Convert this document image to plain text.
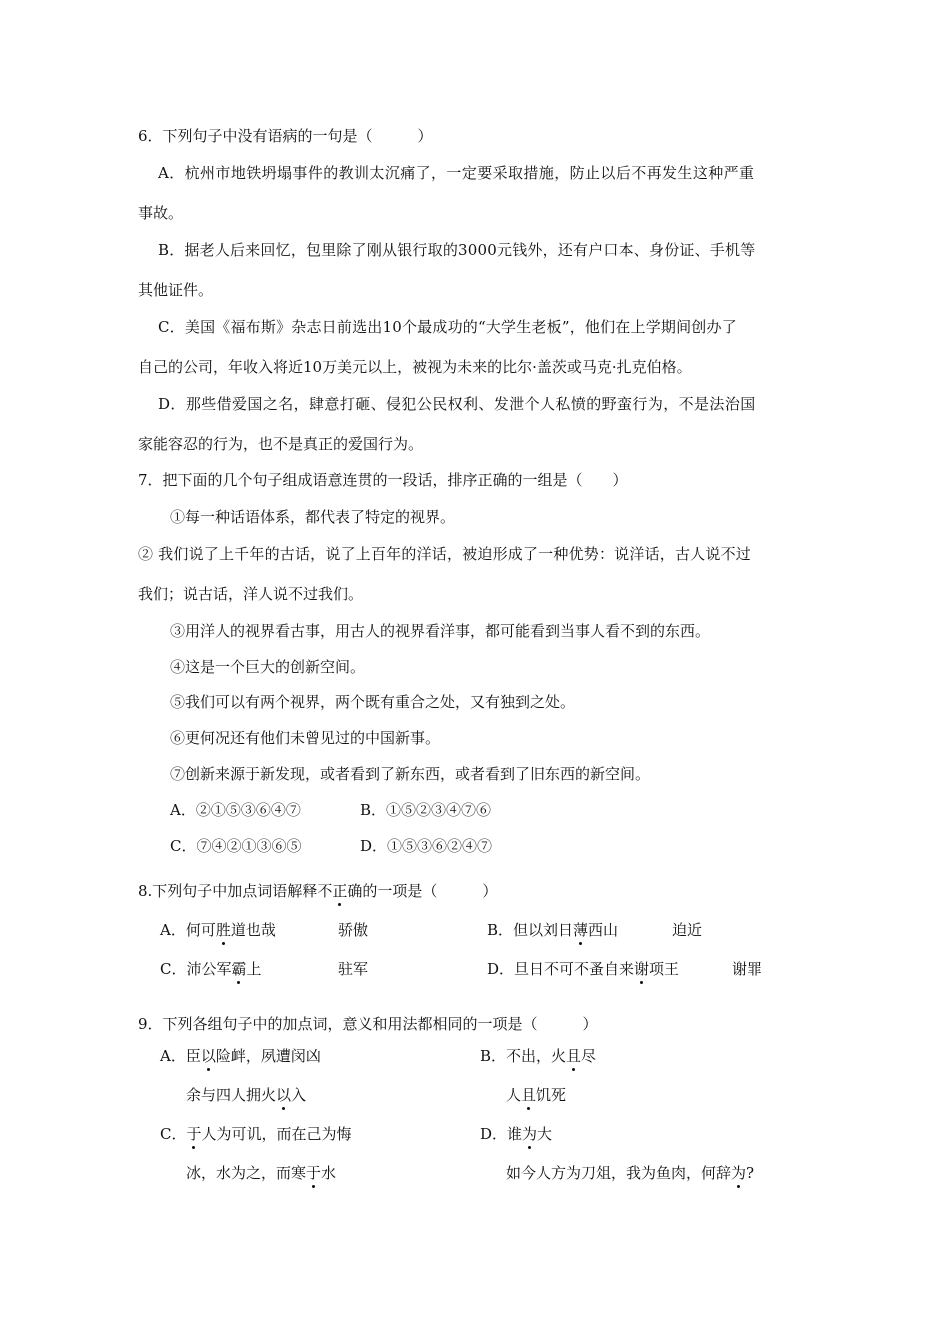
6．下列句子中没有语病的一句是（　　　）
A．杭州市地铁坍塌事件的教训太沉痛了，一定要采取措施，防止以后不再发生这种严重
事故。
B．据老人后来回忆，包里除了刚从银行取的3000元钱外，还有户口本、身份证、手机等
其他证件。
C．美国《福布斯》杂志日前选出10个最成功的“大学生老板”，他们在上学期间创办了
自己的公司，年收入将近10万美元以上，被视为未来的比尔·盖茨或马克·扎克伯格。
D．那些借爱国之名，肆意打砸、侵犯公民权利、发泄个人私愤的野蛮行为，不是法治国
家能容忍的行为，也不是真正的爱国行为。
7．把下面的几个句子组成语意连贯的一段话，排序正确的一组是（　　）
①每一种话语体系，都代表了特定的视界。
② 我们说了上千年的古话，说了上百年的洋话，被迫形成了一种优势：说洋话，古人说不过
我们；说古话，洋人说不过我们。
③用洋人的视界看古事，用古人的视界看洋事，都可能看到当事人看不到的东西。
④这是一个巨大的创新空间。
⑤我们可以有两个视界，两个既有重合之处，又有独到之处。
⑥更何况还有他们未曾见过的中国新事。
⑦创新来源于新发现，或者看到了新东西，或者看到了旧东西的新空间。
A．②①⑤③⑥④⑦	B．①⑤②③④⑦⑥
C．⑦④②①③⑥⑤	D．①⑤③⑥②④⑦
8.下列句子中加点词语解释不正确的一项是（　　　）
A．何可胜道也哉	骄傲	B．但以刘日薄西山	迫近
C．沛公军霸上	驻军	D．旦日不可不蚤自来谢项王	谢罪
9．下列各组句子中的加点词，意义和用法都相同的一项是（　　　）
A．臣以险衅，夙遭闵凶
余与四人拥火以入
B．不出，火且尽
人且饥死
C．于人为可讥，而在己为悔
冰，水为之，而寒于水
D．谁为大
如今人方为刀俎，我为鱼肉，何辞为?
